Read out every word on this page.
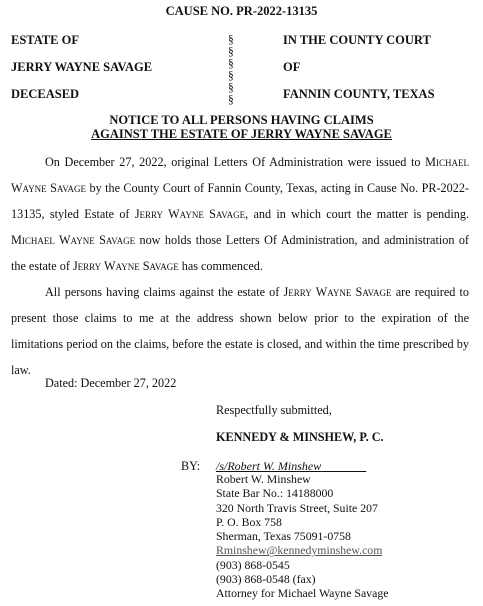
CAUSE NO. PR-2022-13135
ESTATE OF
JERRY WAYNE SAVAGE
DECEASED
§
§
§
§
§
§
IN THE COUNTY COURT
OF
FANNIN COUNTY, TEXAS
NOTICE TO ALL PERSONS HAVING CLAIMS
AGAINST THE ESTATE OF JERRY WAYNE SAVAGE

On December 27, 2022, original Letters Of Administration were issued to Michael Wayne Savage by the County Court of Fannin County, Texas, acting in Cause No. PR-2022-13135, styled Estate of Jerry Wayne Savage, and in which court the matter is pending. Michael Wayne Savage now holds those Letters Of Administration, and administration of the estate of Jerry Wayne Savage has commenced.

All persons having claims against the estate of Jerry Wayne Savage are required to present those claims to me at the address shown below prior to the expiration of the limitations period on the claims, before the estate is closed, and within the time prescribed by law.

Dated: December 27, 2022
Respectfully submitted,
KENNEDY & MINSHEW, P. C.
BY: /s/Robert W. Minshew
Robert W. Minshew
State Bar No.: 14188000
320 North Travis Street, Suite 207
P. O. Box 758
Sherman, Texas 75091-0758
Rminshew@kennedyminshew.com
(903) 868-0545
(903) 868-0548 (fax)
Attorney for Michael Wayne Savage
